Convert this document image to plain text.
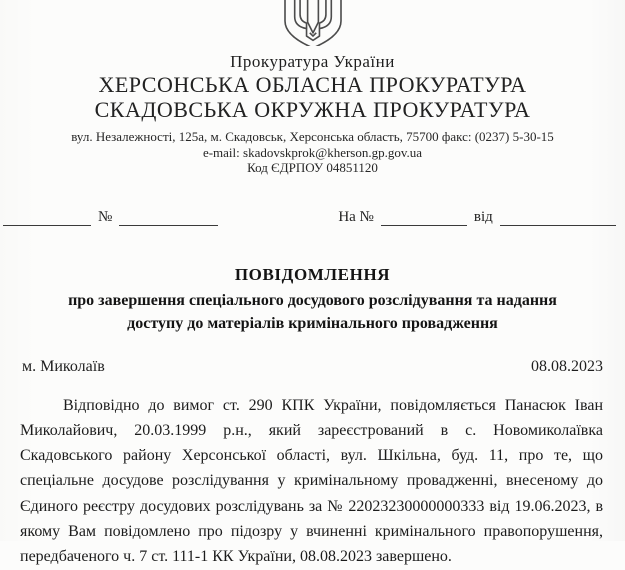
Прокуратура України
ХЕРСОНСЬКА ОБЛАСНА ПРОКУРАТУРА
СКАДОВСЬКА ОКРУЖНА ПРОКУРАТУРА
вул. Незалежності, 125а, м. Скадовськ, Херсонська область, 75700 факс: (0237) 5-30-15
e-mail: skadovskprok@kherson.gp.gov.ua
Код ЄДРПОУ 04851120
№	На №	від
ПОВІДОМЛЕННЯ
про завершення спеціального досудового розслідування та надання
доступу до матеріалів кримінального провадження
м. Миколаїв	08.08.2023
Відповідно до вимог ст. 290 КПК України, повідомляється Панасюк Іван Миколайович, 20.03.1999 р.н., який зареєстрований в с. Новомиколаївка Скадовського району Херсонської області, вул. Шкільна, буд. 11, про те, що спеціальне досудове розслідування у кримінальному провадженні, внесеному до Єдиного реєстру досудових розслідувань за № 22023230000000333 від 19.06.2023, в якому Вам повідомлено про підозру у вчиненні кримінального правопорушення, передбаченого ч. 7 ст. 111-1 КК України, 08.08.2023 завершено.
